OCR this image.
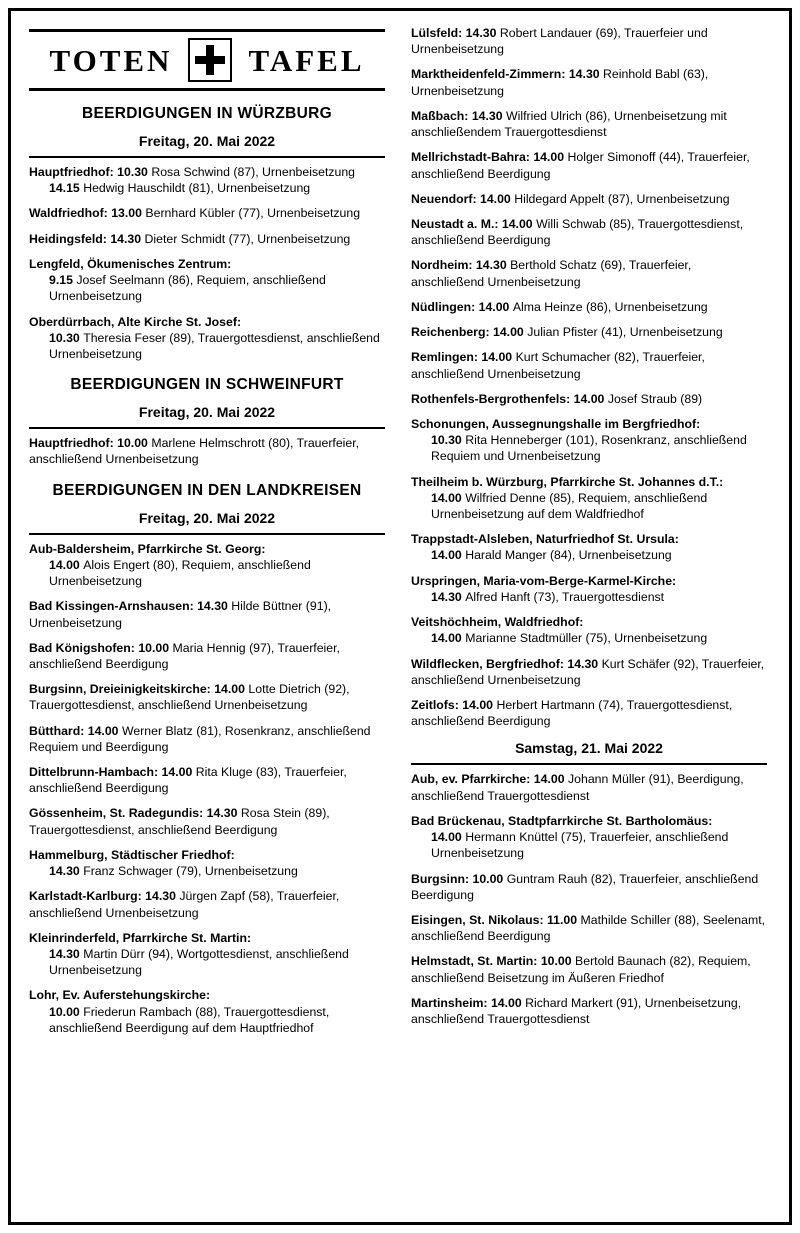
TOTEN TAFEL
BEERDIGUNGEN IN WÜRZBURG
Freitag, 20. Mai 2022
Hauptfriedhof: 10.30 Rosa Schwind (87), Urnenbeisetzung
14.15 Hedwig Hauschildt (81), Urnenbeisetzung
Waldfriedhof: 13.00 Bernhard Kübler (77), Urnenbeisetzung
Heidingsfeld: 14.30 Dieter Schmidt (77), Urnenbeisetzung
Lengfeld, Ökumenisches Zentrum:
9.15 Josef Seelmann (86), Requiem, anschließend Urnenbeisetzung
Oberdürrbach, Alte Kirche St. Josef:
10.30 Theresia Feser (89), Trauergottesdienst, anschließend Urnenbeisetzung
BEERDIGUNGEN IN SCHWEINFURT
Freitag, 20. Mai 2022
Hauptfriedhof: 10.00 Marlene Helmschrott (80), Trauerfeier, anschließend Urnenbeisetzung
BEERDIGUNGEN IN DEN LANDKREISEN
Freitag, 20. Mai 2022
Aub-Baldersheim, Pfarrkirche St. Georg:
14.00 Alois Engert (80), Requiem, anschließend Urnenbeisetzung
Bad Kissingen-Arnshausen: 14.30 Hilde Büttner (91), Urnenbeisetzung
Bad Königshofen: 10.00 Maria Hennig (97), Trauerfeier, anschließend Beerdigung
Burgsinn, Dreieinigkeitskirche: 14.00 Lotte Dietrich (92), Trauergottesdienst, anschließend Urnenbeisetzung
Bütthard: 14.00 Werner Blatz (81), Rosenkranz, anschließend Requiem und Beerdigung
Dittelbrunn-Hambach: 14.00 Rita Kluge (83), Trauerfeier, anschließend Beerdigung
Gössenheim, St. Radegundis: 14.30 Rosa Stein (89), Trauergottesdienst, anschließend Beerdigung
Hammelburg, Städtischer Friedhof:
14.30 Franz Schwager (79), Urnenbeisetzung
Karlstadt-Karlburg: 14.30 Jürgen Zapf (58), Trauerfeier, anschließend Urnenbeisetzung
Kleinrinderfeld, Pfarrkirche St. Martin:
14.30 Martin Dürr (94), Wortgottesdienst, anschließend Urnenbeisetzung
Lohr, Ev. Auferstehungskirche:
10.00 Friederun Rambach (88), Trauergottesdienst, anschließend Beerdigung auf dem Hauptfriedhof
Lülsfeld: 14.30 Robert Landauer (69), Trauerfeier und Urnenbeisetzung
Marktheidenfeld-Zimmern: 14.30 Reinhold Babl (63), Urnenbeisetzung
Maßbach: 14.30 Wilfried Ulrich (86), Urnenbeisetzung mit anschließendem Trauergottesdienst
Mellrichstadt-Bahra: 14.00 Holger Simonoff (44), Trauerfeier, anschließend Beerdigung
Neuendorf: 14.00 Hildegard Appelt (87), Urnenbeisetzung
Neustadt a. M.: 14.00 Willi Schwab (85), Trauergottesdienst, anschließend Beerdigung
Nordheim: 14.30 Berthold Schatz (69), Trauerfeier, anschließend Urnenbeisetzung
Nüdlingen: 14.00 Alma Heinze (86), Urnenbeisetzung
Reichenberg: 14.00 Julian Pfister (41), Urnenbeisetzung
Remlingen: 14.00 Kurt Schumacher (82), Trauerfeier, anschließend Urnenbeisetzung
Rothenfels-Bergrothenfels: 14.00 Josef Straub (89)
Schonungen, Aussegnungshalle im Bergfriedhof:
10.30 Rita Henneberger (101), Rosenkranz, anschließend Requiem und Urnenbeisetzung
Theilheim b. Würzburg, Pfarrkirche St. Johannes d.T.:
14.00 Wilfried Denne (85), Requiem, anschließend Urnenbeisetzung auf dem Waldfriedhof
Trappstadt-Alsleben, Naturfriedhof St. Ursula:
14.00 Harald Manger (84), Urnenbeisetzung
Urspringen, Maria-vom-Berge-Karmel-Kirche:
14.30 Alfred Hanft (73), Trauergottesdienst
Veitshöchheim, Waldfriedhof:
14.00 Marianne Stadtmüller (75), Urnenbeisetzung
Wildflecken, Bergfriedhof: 14.30 Kurt Schäfer (92), Trauerfeier, anschließend Urnenbeisetzung
Zeitlofs: 14.00 Herbert Hartmann (74), Trauergottesdienst, anschließend Beerdigung
Samstag, 21. Mai 2022
Aub, ev. Pfarrkirche: 14.00 Johann Müller (91), Beerdigung, anschließend Trauergottesdienst
Bad Brückenau, Stadtpfarrkirche St. Bartholomäus:
14.00 Hermann Knüttel (75), Trauerfeier, anschließend Urnenbeisetzung
Burgsinn: 10.00 Guntram Rauh (82), Trauerfeier, anschließend Beerdigung
Eisingen, St. Nikolaus: 11.00 Mathilde Schiller (88), Seelenamt, anschließend Beerdigung
Helmstadt, St. Martin: 10.00 Bertold Baunach (82), Requiem, anschließend Beisetzung im Äußeren Friedhof
Martinsheim: 14.00 Richard Markert (91), Urnenbeisetzung, anschließend Trauergottesdienst
